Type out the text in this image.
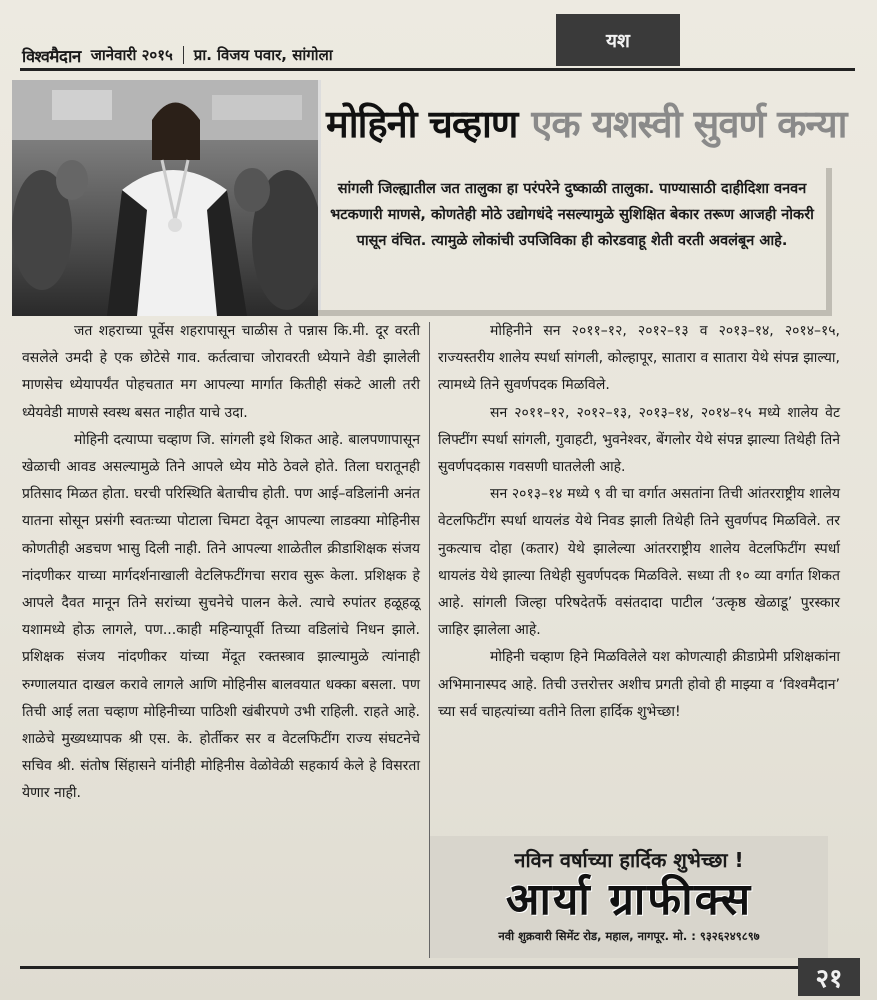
यश
विश्वमैदान जानेवारी २०१५ प्रा. विजय पवार, सांगोला
मोहिनी चव्हाण एक यशस्वी सुवर्ण कन्या
सांगली जिल्ह्यातील जत तालुका हा परंपरेने दुष्काळी तालुका. पाण्यासाठी दाहीदिशा वनवन भटकणारी माणसे, कोणतेही मोठे उद्योगधंदे नसल्यामुळे सुशिक्षित बेकार तरूण आजही नोकरी पासून वंचित. त्यामुळे लोकांची उपजिविका ही कोरडवाहू शेती वरती अवलंबून आहे.

जत शहराच्या पूर्वेस शहरापासून चाळीस ते पन्नास कि.मी. दूर वरती वसलेले उमदी हे एक छोटेसे गाव. कर्तत्वाचा जोरावरती ध्येयाने वेडी झालेली माणसेच ध्येयापर्यंत पोहचतात मग आपल्या मार्गात कितीही संकटे आली तरी ध्येयवेडी माणसे स्वस्थ बसत नाहीत याचे उदा.

मोहिनी दत्याप्पा चव्हाण जि. सांगली इथे शिकत आहे. बालपणापासून खेळाची आवड असल्यामुळे तिने आपले ध्येय मोठे ठेवले होते. तिला घरातूनही प्रतिसाद मिळत होता. घरची परिस्थिति बेताचीच होती. पण आई–वडिलांनी अनंत यातना सोसून प्रसंगी स्वतःच्या पोटाला चिमटा देवून आपल्या लाडक्या मोहिनीस कोणतीही अडचण भासु दिली नाही. तिने आपल्या शाळेतील क्रीडाशिक्षक संजय नांदणीकर याच्या मार्गदर्शनाखाली वेटलिफटींगचा सराव सुरू केला. प्रशिक्षक हे आपले दैवत मानून तिने सरांच्या सुचनेचे पालन केले. त्याचे रुपांतर हळूहळू यशामध्ये होऊ लागले, पण...काही महिन्यापूर्वी तिच्या वडिलांचे निधन झाले. प्रशिक्षक संजय नांदणीकर यांच्या मेंदूत रक्तस्त्राव झाल्यामुळे त्यांनाही रुग्णालयात दाखल करावे लागले आणि मोहिनीस बालवयात धक्का बसला. पण तिची आई लता चव्हाण मोहिनीच्या पाठिशी खंबीरपणे उभी राहिली. राहते आहे. शाळेचे मुख्यध्यापक श्री एस. के. होर्तीकर सर व वेटलफिटींग राज्य संघटनेचे सचिव श्री. संतोष सिंहासने यांनीही मोहिनीस वेळोवेळी सहकार्य केले हे विसरता येणार नाही.

मोहिनीने सन २०११–१२, २०१२–१३ व २०१३–१४, २०१४–१५, राज्यस्तरीय शालेय स्पर्धा सांगली, कोल्हापूर, सातारा व सातारा येथे संपन्न झाल्या, त्यामध्ये तिने सुवर्णपदक मिळविले.

सन २०११–१२, २०१२–१३, २०१३–१४, २०१४–१५ मध्ये शालेय वेट लिफ्टींग स्पर्धा सांगली, गुवाहटी, भुवनेश्वर, बेंगलोर येथे संपन्न झाल्या तिथेही तिने सुवर्णपदकास गवसणी घातलेली आहे.

सन २०१३–१४ मध्ये ९ वी चा वर्गात असतांना तिची आंतरराष्ट्रीय शालेय वेटलफिटींग स्पर्धा थायलंड येथे निवड झाली तिथेही तिने सुवर्णपद मिळविले. तर नुकत्याच दोहा (कतार) येथे झालेल्या आंतरराष्ट्रीय शालेय वेटलफिटींग स्पर्धा थायलंड येथे झाल्या तिथेही सुवर्णपदक मिळविले. सध्या ती १० व्या वर्गात शिकत आहे. सांगली जिल्हा परिषदेतर्फे वसंतदादा पाटील ‘उत्कृष्ठ खेळाडू’ पुरस्कार जाहिर झालेला आहे.

मोहिनी चव्हाण हिने मिळविलेले यश कोणत्याही क्रीडाप्रेमी प्रशिक्षकांना अभिमानास्पद आहे. तिची उत्तरोत्तर अशीच प्रगती होवो ही माझ्या व ‘विश्वमैदान’ च्या सर्व चाहत्यांच्या वतीने तिला हार्दिक शुभेच्छा!

नविन वर्षाच्या हार्दिक शुभेच्छा !
आर्या ग्राफीक्स
नवी शुक्रवारी सिमेंट रोड, महाल, नागपूर. मो. : ९३२६२४९८९७
२१
